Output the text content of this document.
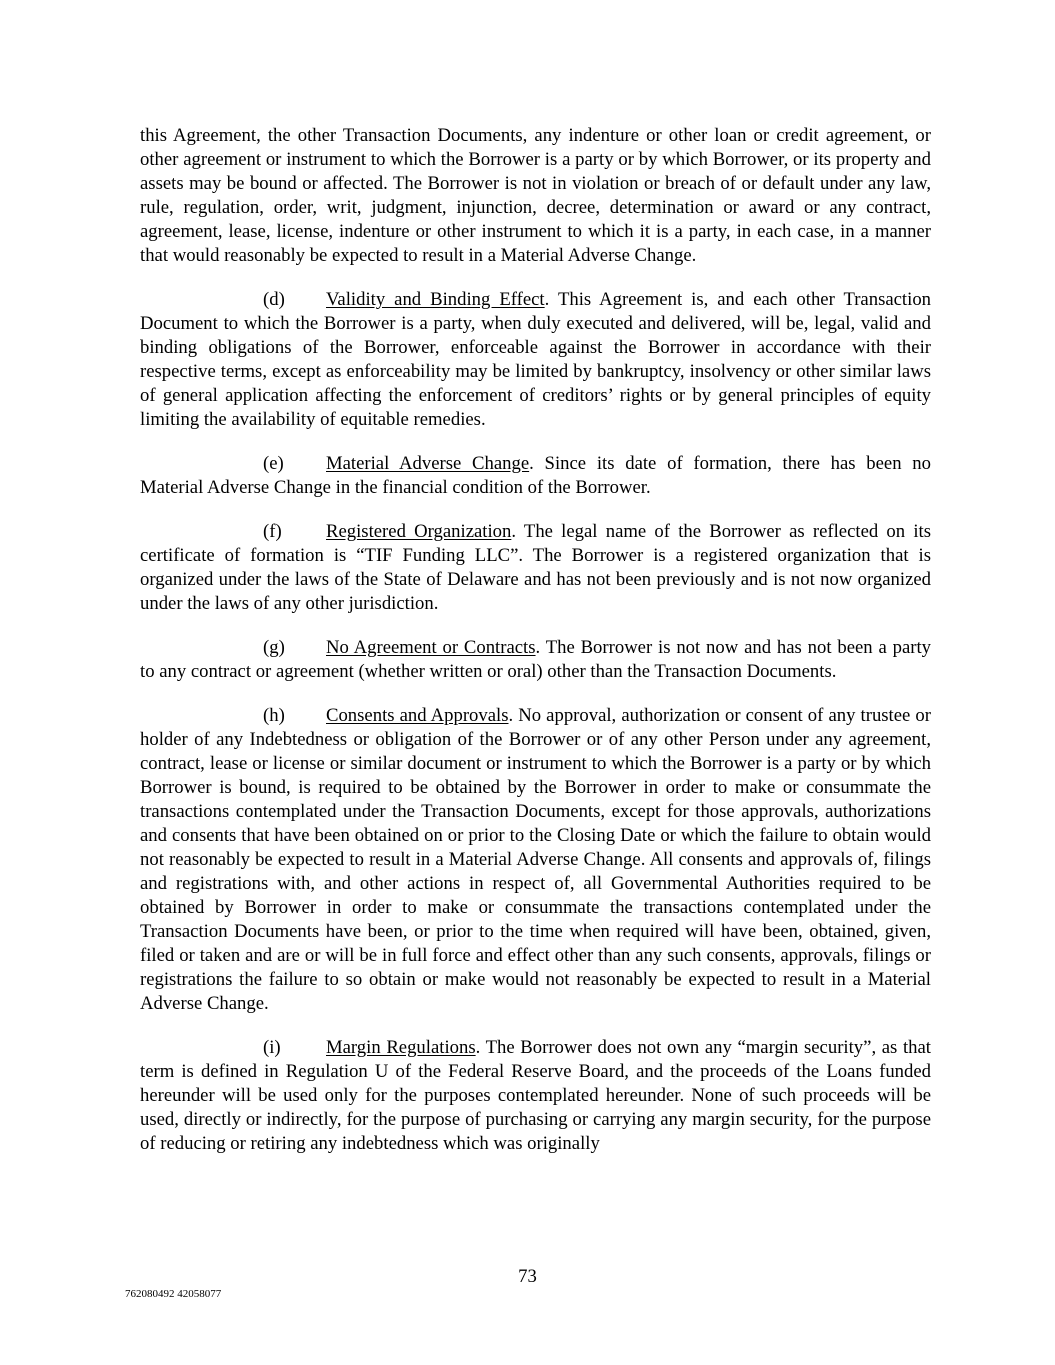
this Agreement, the other Transaction Documents, any indenture or other loan or credit agreement, or other agreement or instrument to which the Borrower is a party or by which Borrower, or its property and assets may be bound or affected. The Borrower is not in violation or breach of or default under any law, rule, regulation, order, writ, judgment, injunction, decree, determination or award or any contract, agreement, lease, license, indenture or other instrument to which it is a party, in each case, in a manner that would reasonably be expected to result in a Material Adverse Change.

(d) Validity and Binding Effect. This Agreement is, and each other Transaction Document to which the Borrower is a party, when duly executed and delivered, will be, legal, valid and binding obligations of the Borrower, enforceable against the Borrower in accordance with their respective terms, except as enforceability may be limited by bankruptcy, insolvency or other similar laws of general application affecting the enforcement of creditors’ rights or by general principles of equity limiting the availability of equitable remedies.

(e) Material Adverse Change. Since its date of formation, there has been no Material Adverse Change in the financial condition of the Borrower.

(f) Registered Organization. The legal name of the Borrower as reflected on its certificate of formation is “TIF Funding LLC”. The Borrower is a registered organization that is organized under the laws of the State of Delaware and has not been previously and is not now organized under the laws of any other jurisdiction.

(g) No Agreement or Contracts. The Borrower is not now and has not been a party to any contract or agreement (whether written or oral) other than the Transaction Documents.

(h) Consents and Approvals. No approval, authorization or consent of any trustee or holder of any Indebtedness or obligation of the Borrower or of any other Person under any agreement, contract, lease or license or similar document or instrument to which the Borrower is a party or by which Borrower is bound, is required to be obtained by the Borrower in order to make or consummate the transactions contemplated under the Transaction Documents, except for those approvals, authorizations and consents that have been obtained on or prior to the Closing Date or which the failure to obtain would not reasonably be expected to result in a Material Adverse Change. All consents and approvals of, filings and registrations with, and other actions in respect of, all Governmental Authorities required to be obtained by Borrower in order to make or consummate the transactions contemplated under the Transaction Documents have been, or prior to the time when required will have been, obtained, given, filed or taken and are or will be in full force and effect other than any such consents, approvals, filings or registrations the failure to so obtain or make would not reasonably be expected to result in a Material Adverse Change.

(i) Margin Regulations. The Borrower does not own any “margin security”, as that term is defined in Regulation U of the Federal Reserve Board, and the proceeds of the Loans funded hereunder will be used only for the purposes contemplated hereunder. None of such proceeds will be used, directly or indirectly, for the purpose of purchasing or carrying any margin security, for the purpose of reducing or retiring any indebtedness which was originally

73
762080492 42058077
